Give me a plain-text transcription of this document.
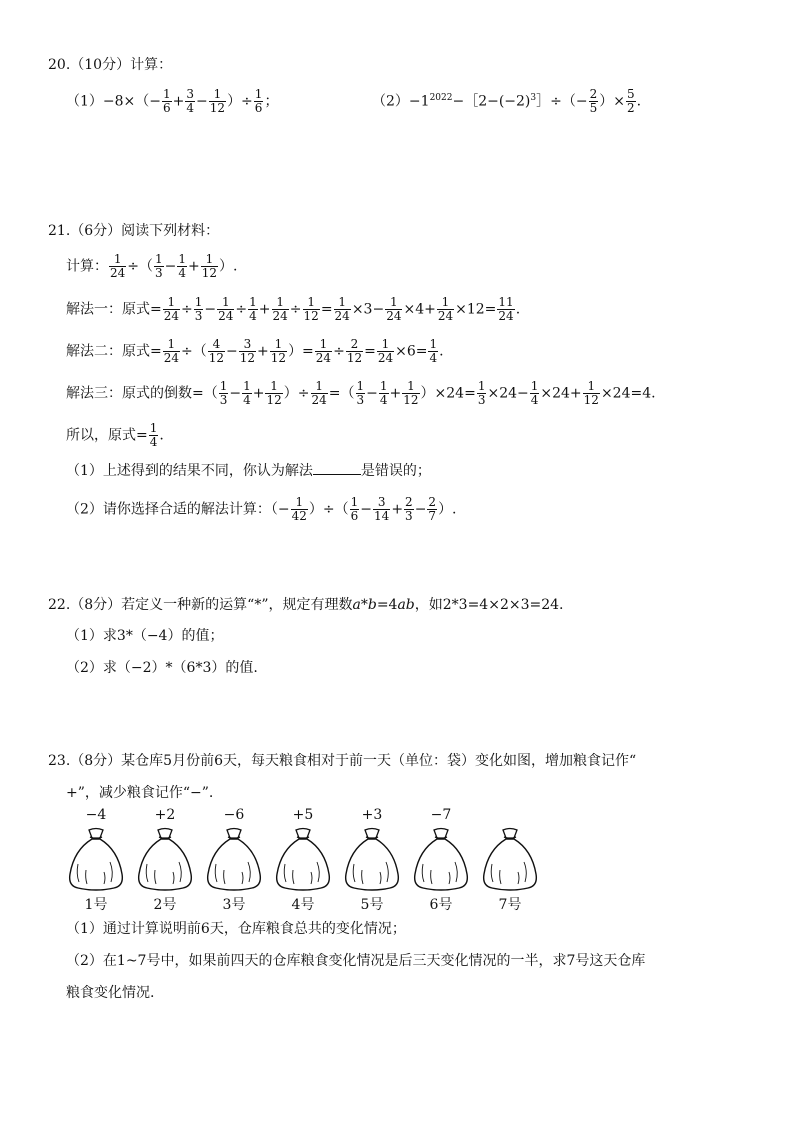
20.（10分）计算：
$(1)-8\times(- \frac{1}{6} + \frac{3}{4} - \frac{1}{12}$ ）÷ $\frac{1}{6}$ ；	$(2)-1^{2022}-[2-(-2)^3]\div(- \frac{2}{5}$ ）× $\frac{5}{2}$ .
21.（6分）阅读下列材料：
计算： $\frac{1}{24}$ ÷（ $\frac{1}{3} - \frac{1}{4} + \frac{1}{12}$ ）.
解法一：原式= $\frac{1}{24} \div \frac{1}{3} - \frac{1}{24} \div \frac{1}{4} + \frac{1}{24} \div \frac{1}{12} = \frac{1}{24} \times 3- \frac{1}{24} \times 4+ \frac{1}{24} \times 12= \frac{11}{24}$ .
解法二：原式= $\frac{1}{24}$ ÷（ $\frac{4}{12} - \frac{3}{12} + \frac{1}{12}$ ）= $\frac{1}{24} \div \frac{2}{12} = \frac{1}{24} \times 6= \frac{1}{4}$ .
解法三：原式的倒数=（ $\frac{1}{3} - \frac{1}{4} + \frac{1}{12}$ ）÷ $\frac{1}{24}$ =（ $\frac{1}{3} - \frac{1}{4} + \frac{1}{12} )\times 24= \frac{1}{3} \times 24- \frac{1}{4} \times 24+ \frac{1}{12} \times 24=4$.
所以，原式= $\frac{1}{4}$ .
（1）上述得到的结果不同，你认为解法	是错误的；
（2）请你选择合适的解法计算：（− $\frac{1}{42}$ ）÷（ $\frac{1}{6} - \frac{3}{14} + \frac{2}{3} - \frac{2}{7}$ ）.
22.（8分）若定义一种新的运算“*”，规定有理数a*b=4ab，如2*3=4×2×3=24.
（1）求3*（−4）的值；
（2）求（−2）*（6*3）的值.
23.（8分）某仓库5月份前6天，每天粮食相对于前一天（单位：袋）变化如图，增加粮食记作“
+”，减少粮食记作“−”.
−4
1号
+2
2号
−6
3号
+5
4号
+3
5号
−7
6号	7号
（1）通过计算说明前6天，仓库粮食总共的变化情况；
（2）在1~7号中，如果前四天的仓库粮食变化情况是后三天变化情况的一半，求7号这天仓库
粮食变化情况.
